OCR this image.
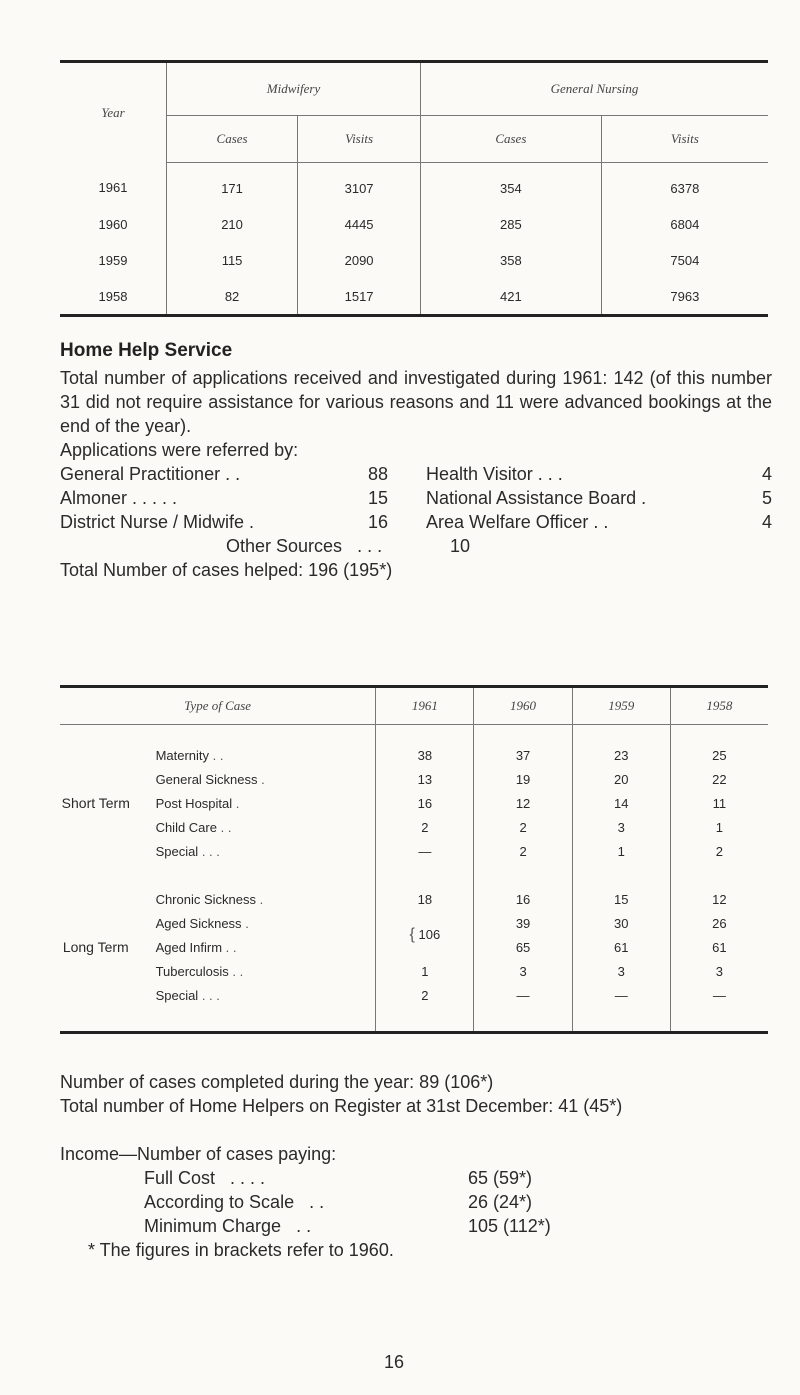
Year	Midwifery		General Nursing	
	Cases	Visits	Cases	Visits
1961	171	3107	354	6378
1960	210	4445	285	6804
1959	115	2090	358	7504
1958	82	1517	421	7963
Home Help Service

Total number of applications received and investigated during 1961: 142 (of this number 31 did not require assistance for various reasons and 11 were advanced bookings at the end of the year).

Applications were referred by:
General Practitioner . .	88
Almoner . . . . .	15
District Nurse / Midwife .	16
Health Visitor . . .	4
National Assistance Board .	5
Area Welfare Officer . .	4
Other Sources . . .	10
Total Number of cases helped: 196 (195*)
Type of Case		1961	1960	1959	1958

Short Term	Maternity . .	38	37	23	25
	General Sickness .	13	19	20	22
	Post Hospital .	16	12	14	11
	Child Care . .	2	2	3	1
	Special . . .	—	2	1	2

Long Term	Chronic Sickness .	18	16	15	12
	Aged Sickness .	{ 106	39	30	26
	Aged Infirm . .		65	61	61
	Tuberculosis . .	1	3	3	3
	Special . . .	2	—	—	—

Number of cases completed during the year: 89 (106*)
Total number of Home Helpers on Register at 31st December: 41 (45*)
Income—Number of cases paying:
Full Cost . . . .	65 (59*)
According to Scale . .	26 (24*)
Minimum Charge . .	105 (112*)
* The figures in brackets refer to 1960.
16
